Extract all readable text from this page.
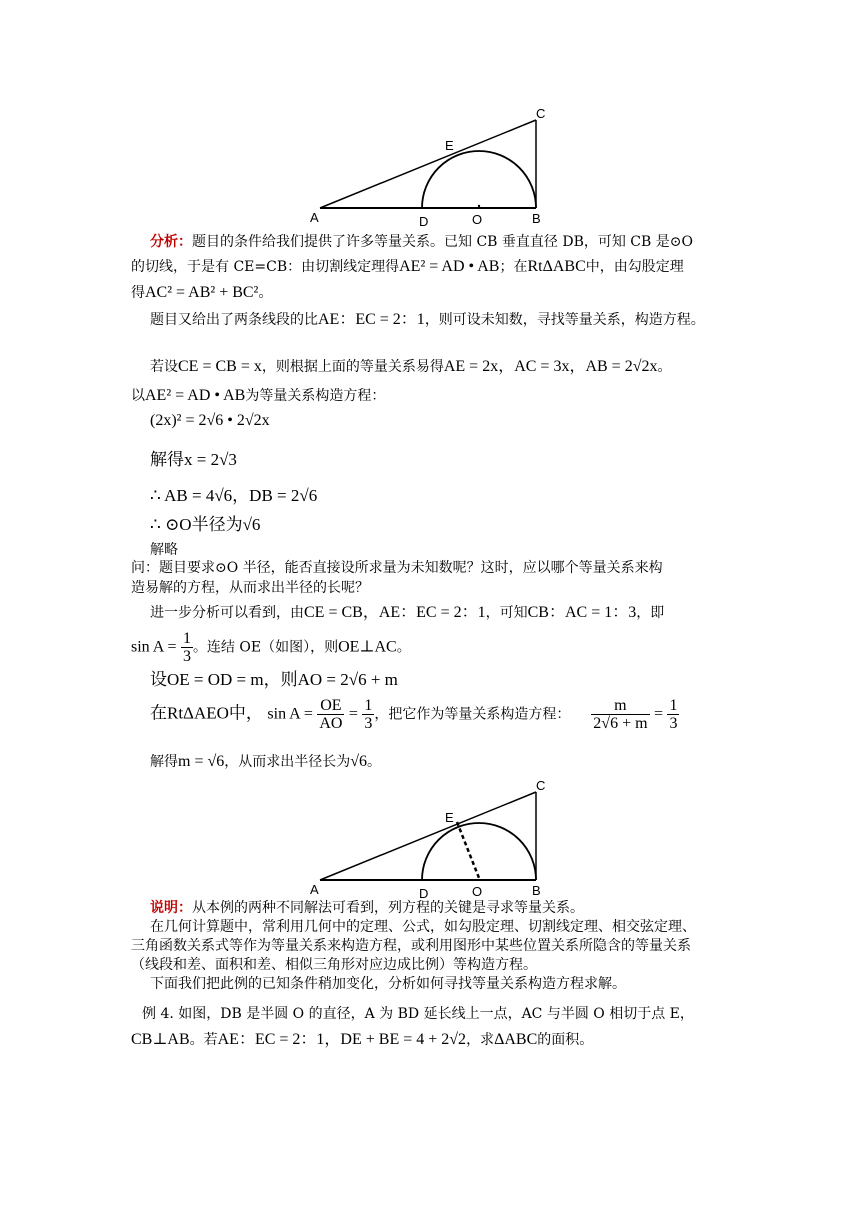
A	D	O	B
E
C
分析：题目的条件给我们提供了许多等量关系。已知 CB 垂直直径 DB，可知 CB 是⊙O
的切线，于是有 CE=CB：由切割线定理得AE² = AD • AB；在RtΔABC中，由勾股定理
得AC² = AB² + BC²。
题目又给出了两条线段的比AE：EC = 2：1，则可设未知数，寻找等量关系，构造方程。
若设CE = CB = x，则根据上面的等量关系易得AE = 2x，AC = 3x，AB = 2√2x。
以AE² = AD • AB为等量关系构造方程：
(2x)² = 2√6 • 2√2x
解得x = 2√3
∴ AB = 4√6，DB = 2√6
∴ ⊙O半径为√6
解略
问：题目要求⊙O 半径，能否直接设所求量为未知数呢？这时，应以哪个等量关系来构
造易解的方程，从而求出半径的长呢？
进一步分析可以看到，由CE = CB，AE：EC = 2：1，可知CB：AC = 1：3，即
$\sin A = \frac{1}{3}$ 。连结 OE（如图），则OE⊥AC。
设OE = OD = m，则AO = 2√6 + m
在RtΔAEO中， $\sin A = \frac{OE}{AO} = \frac{1}{3}$ ，把它作为等量关系构造方程： $\frac{m}{2√6 + m} = \frac{1}{3}$
解得m = √6，从而求出半径长为√6。
A	D	O	B
E
C
说明：从本例的两种不同解法可看到，列方程的关键是寻求等量关系。
在几何计算题中，常利用几何中的定理、公式，如勾股定理、切割线定理、相交弦定理、
三角函数关系式等作为等量关系来构造方程，或利用图形中某些位置关系所隐含的等量关系
（线段和差、面积和差、相似三角形对应边成比例）等构造方程。
下面我们把此例的已知条件稍加变化，分析如何寻找等量关系构造方程求解。
例 4. 如图，DB 是半圆 O 的直径，A 为 BD 延长线上一点，AC 与半圆 O 相切于点 E，
CB⊥AB。若AE：EC = 2：1，DE + BE = 4 + 2√2，求ΔABC的面积。
